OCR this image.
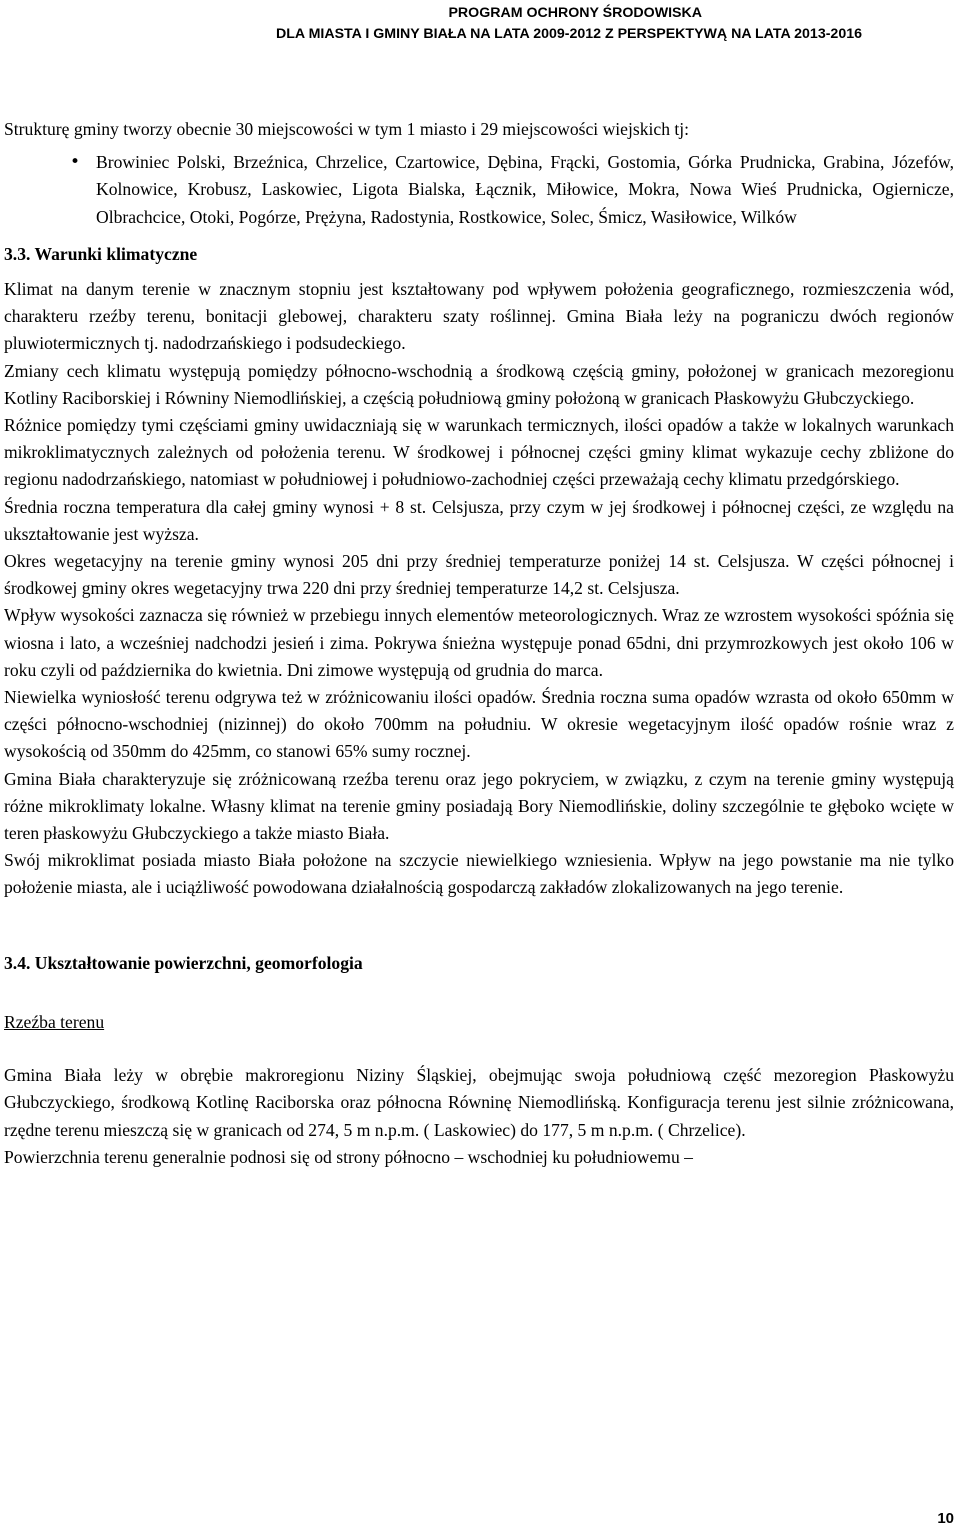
PROGRAM OCHRONY ŚRODOWISKA
DLA MIASTA I GMINY BIAŁA NA LATA 2009-2012 Z PERSPEKTYWĄ NA LATA 2013-2016

Strukturę gminy tworzy obecnie 30 miejscowości w tym 1 miasto i 29 miejscowości wiejskich tj:

• Browiniec Polski, Brzeźnica, Chrzelice, Czartowice, Dębina, Frącki, Gostomia, Górka Prudnicka, Grabina, Józefów, Kolnowice, Krobusz, Laskowiec, Ligota Bialska, Łącznik, Miłowice, Mokra, Nowa Wieś Prudnicka, Ogiernicze, Olbrachcice, Otoki, Pogórze, Prężyna, Radostynia, Rostkowice, Solec, Śmicz, Wasiłowice, Wilków
3.3. Warunki klimatyczne

Klimat na danym terenie w znacznym stopniu jest kształtowany pod wpływem położenia geograficznego, rozmieszczenia wód, charakteru rzeźby terenu, bonitacji glebowej, charakteru szaty roślinnej. Gmina Biała leży na pograniczu dwóch regionów pluwiotermicznych tj. nadodrzańskiego i podsudeckiego.

Zmiany cech klimatu występują pomiędzy północno-wschodnią a środkową częścią gminy, położonej w granicach mezoregionu Kotliny Raciborskiej i Równiny Niemodlińskiej, a częścią południową gminy położoną w granicach Płaskowyżu Głubczyckiego.

Różnice pomiędzy tymi częściami gminy uwidaczniają się w warunkach termicznych, ilości opadów a także w lokalnych warunkach mikroklimatycznych zależnych od położenia terenu. W środkowej i północnej części gminy klimat wykazuje cechy zbliżone do regionu nadodrzańskiego, natomiast w południowej i południowo-zachodniej części przeważają cechy klimatu przedgórskiego.

Średnia roczna temperatura dla całej gminy wynosi + 8 st. Celsjusza, przy czym w jej środkowej i północnej części, ze względu na ukształtowanie jest wyższa.

Okres wegetacyjny na terenie gminy wynosi 205 dni przy średniej temperaturze poniżej 14 st. Celsjusza. W części północnej i środkowej gminy okres wegetacyjny trwa 220 dni przy średniej temperaturze 14,2 st. Celsjusza.

Wpływ wysokości zaznacza się również w przebiegu innych elementów meteorologicznych. Wraz ze wzrostem wysokości spóźnia się wiosna i lato, a wcześniej nadchodzi jesień i zima. Pokrywa śnieżna występuje ponad 65dni, dni przymrozkowych jest około 106 w roku czyli od października do kwietnia. Dni zimowe występują od grudnia do marca.

Niewielka wyniosłość terenu odgrywa też w zróżnicowaniu ilości opadów. Średnia roczna suma opadów wzrasta od około 650mm w części północno-wschodniej (nizinnej) do około 700mm na południu. W okresie wegetacyjnym ilość opadów rośnie wraz z wysokością od 350mm do 425mm, co stanowi 65% sumy rocznej.

Gmina Biała charakteryzuje się zróżnicowaną rzeźba terenu oraz jego pokryciem, w związku, z czym na terenie gminy występują różne mikroklimaty lokalne. Własny klimat na terenie gminy posiadają Bory Niemodlińskie, doliny szczególnie te głęboko wcięte w teren płaskowyżu Głubczyckiego a także miasto Biała.

Swój mikroklimat posiada miasto Biała położone na szczycie niewielkiego wzniesienia. Wpływ na jego powstanie ma nie tylko położenie miasta, ale i uciążliwość powodowana działalnością gospodarczą zakładów zlokalizowanych na jego terenie.

3.4. Ukształtowanie powierzchni, geomorfologia
Rzeźba terenu

Gmina Biała leży w obrębie makroregionu Niziny Śląskiej, obejmując swoja południową część mezoregion Płaskowyżu Głubczyckiego, środkową Kotlinę Raciborska oraz północna Równinę Niemodlińską. Konfiguracja terenu jest silnie zróżnicowana, rzędne terenu mieszczą się w granicach od 274, 5 m n.p.m. ( Laskowiec) do 177, 5 m n.p.m. ( Chrzelice).

Powierzchnia terenu generalnie podnosi się od strony północno – wschodniej ku południowemu –

10
